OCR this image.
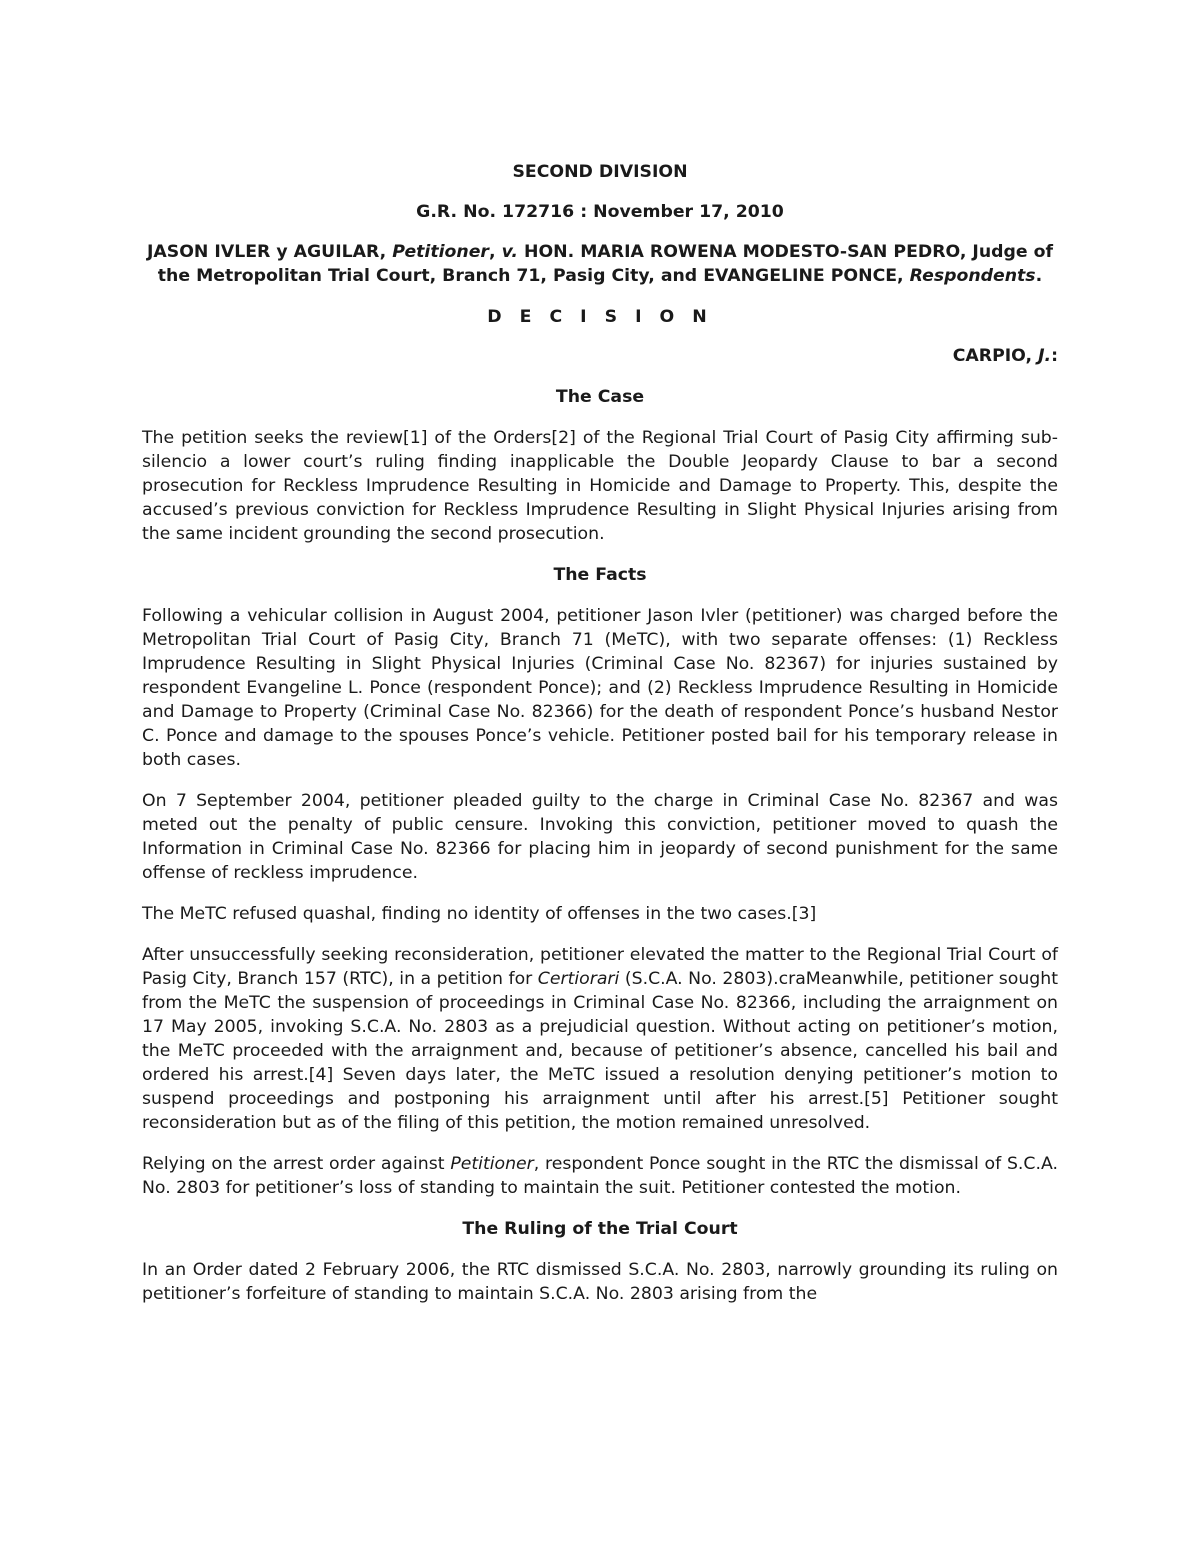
SECOND DIVISION

G.R. No. 172716 : November 17, 2010

JASON IVLER y AGUILAR, Petitioner, v. HON. MARIA ROWENA MODESTO-SAN PEDRO, Judge of the Metropolitan Trial Court, Branch 71, Pasig City, and EVANGELINE PONCE, Respondents.

D E C I S I O N

CARPIO, J.:

The Case

The petition seeks the review[1] of the Orders[2] of the Regional Trial Court of Pasig City affirming sub-silencio a lower court’s ruling finding inapplicable the Double Jeopardy Clause to bar a second prosecution for Reckless Imprudence Resulting in Homicide and Damage to Property. This, despite the accused’s previous conviction for Reckless Imprudence Resulting in Slight Physical Injuries arising from the same incident grounding the second prosecution.

The Facts

Following a vehicular collision in August 2004, petitioner Jason Ivler (petitioner) was charged before the Metropolitan Trial Court of Pasig City, Branch 71 (MeTC), with two separate offenses: (1) Reckless Imprudence Resulting in Slight Physical Injuries (Criminal Case No. 82367) for injuries sustained by respondent Evangeline L. Ponce (respondent Ponce); and (2) Reckless Imprudence Resulting in Homicide and Damage to Property (Criminal Case No. 82366) for the death of respondent Ponce’s husband Nestor C. Ponce and damage to the spouses Ponce’s vehicle. Petitioner posted bail for his temporary release in both cases.

On 7 September 2004, petitioner pleaded guilty to the charge in Criminal Case No. 82367 and was meted out the penalty of public censure. Invoking this conviction, petitioner moved to quash the Information in Criminal Case No. 82366 for placing him in jeopardy of second punishment for the same offense of reckless imprudence.

The MeTC refused quashal, finding no identity of offenses in the two cases.[3]

After unsuccessfully seeking reconsideration, petitioner elevated the matter to the Regional Trial Court of Pasig City, Branch 157 (RTC), in a petition for Certiorari (S.C.A. No. 2803).craMeanwhile, petitioner sought from the MeTC the suspension of proceedings in Criminal Case No. 82366, including the arraignment on 17 May 2005, invoking S.C.A. No. 2803 as a prejudicial question. Without acting on petitioner’s motion, the MeTC proceeded with the arraignment and, because of petitioner’s absence, cancelled his bail and ordered his arrest.[4] Seven days later, the MeTC issued a resolution denying petitioner’s motion to suspend proceedings and postponing his arraignment until after his arrest.[5] Petitioner sought reconsideration but as of the filing of this petition, the motion remained unresolved.

Relying on the arrest order against Petitioner, respondent Ponce sought in the RTC the dismissal of S.C.A. No. 2803 for petitioner’s loss of standing to maintain the suit. Petitioner contested the motion.

The Ruling of the Trial Court

In an Order dated 2 February 2006, the RTC dismissed S.C.A. No. 2803, narrowly grounding its ruling on petitioner’s forfeiture of standing to maintain S.C.A. No. 2803 arising from the
